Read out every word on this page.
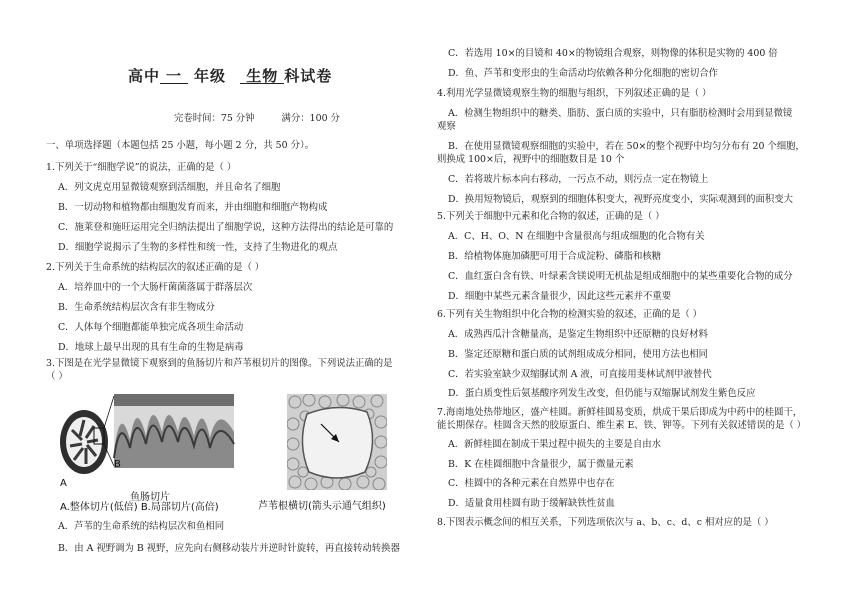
高中 一 年级 生物 科试卷
完卷时间：75 分钟	满分：100 分
一、单项选择题（本题包括 25 小题，每小题 2 分，共 50 分）。
1.下列关于“细胞学说”的说法，正确的是（ ）
A．列文虎克用显微镜观察到活细胞，并且命名了细胞
B．一切动物和植物都由细胞发育而来，并由细胞和细胞产物构成
C．施莱登和施旺运用完全归纳法提出了细胞学说，这种方法得出的结论是可靠的
D．细胞学说揭示了生物的多样性和统一性，支持了生物进化的观点
2.下列关于生命系统的结构层次的叙述正确的是（ ）
A．培养皿中的一个大肠杆菌菌落属于群落层次
B．生命系统结构层次含有非生物成分
C．人体每个细胞都能单独完成各项生命活动
D．地球上最早出现的具有生命的生物是病毒
3.下图是在光学显微镜下观察到的鱼肠切片和芦苇根切片的图像。下列说法正确的是
（ ）
A
B
鱼肠切片
A.整体切片(低倍) B.局部切片(高倍)	芦苇根横切(箭头示通气组织)
A．芦苇的生命系统的结构层次和鱼相同
B．由 A 视野调为 B 视野，应先向右侧移动装片并逆时针旋转，再直接转动转换器
C．若选用 10×的目镜和 40×的物镜组合观察，则物像的体积是实物的 400 倍
D．鱼、芦苇和变形虫的生命活动均依赖各种分化细胞的密切合作
4.利用光学显微镜观察生物的细胞与组织，下列叙述正确的是（ ）
A．检测生物组织中的糖类、脂肪、蛋白质的实验中，只有脂肪检测时会用到显微镜
观察
B．在使用显微镜观察细胞的实验中，若在 50×的整个视野中均匀分布有 20 个细胞，
则换成 100×后，视野中的细胞数目是 10 个
C．若将玻片标本向右移动，一污点不动，则污点一定在物镜上
D．换用短物镜后，观察到的细胞体积变大，视野亮度变小，实际观测到的面积变大
5.下列关于细胞中元素和化合物的叙述，正确的是（ ）
A．C、H、O、N 在细胞中含量很高与组成细胞的化合物有关
B．给植物体施加磷肥可用于合成淀粉、磷脂和核糖
C．血红蛋白含有铁、叶绿素含镁说明无机盐是组成细胞中的某些重要化合物的成分
D．细胞中某些元素含量很少，因此这些元素并不重要
6.下列有关生物组织中化合物的检测实验的叙述，正确的是（ ）
A．成熟西瓜汁含糖量高，是鉴定生物组织中还原糖的良好材料
B．鉴定还原糖和蛋白质的试剂组成成分相同，使用方法也相同
C．若实验室缺少双缩脲试剂 A 液，可直接用斐林试剂甲液替代
D．蛋白质变性后氨基酸序列发生改变，但仍能与双缩脲试剂发生紫色反应
7.海南地处热带地区，盛产桂圆。新鲜桂圆易变质，烘成干果后即成为中药中的桂圆干，
能长期保存。桂圆含天然的胶原蛋白、维生素 E、铁、钾等。下列有关叙述错误的是（ ）
A．新鲜桂圆在制成干果过程中损失的主要是自由水
B．K 在桂圆细胞中含量很少，属于微量元素
C．桂圆中的各种元素在自然界中也存在
D．适量食用桂圆有助于缓解缺铁性贫血
8.下图表示概念间的相互关系，下列选项依次与 a、b、c、d、c 相对应的是（ ）
